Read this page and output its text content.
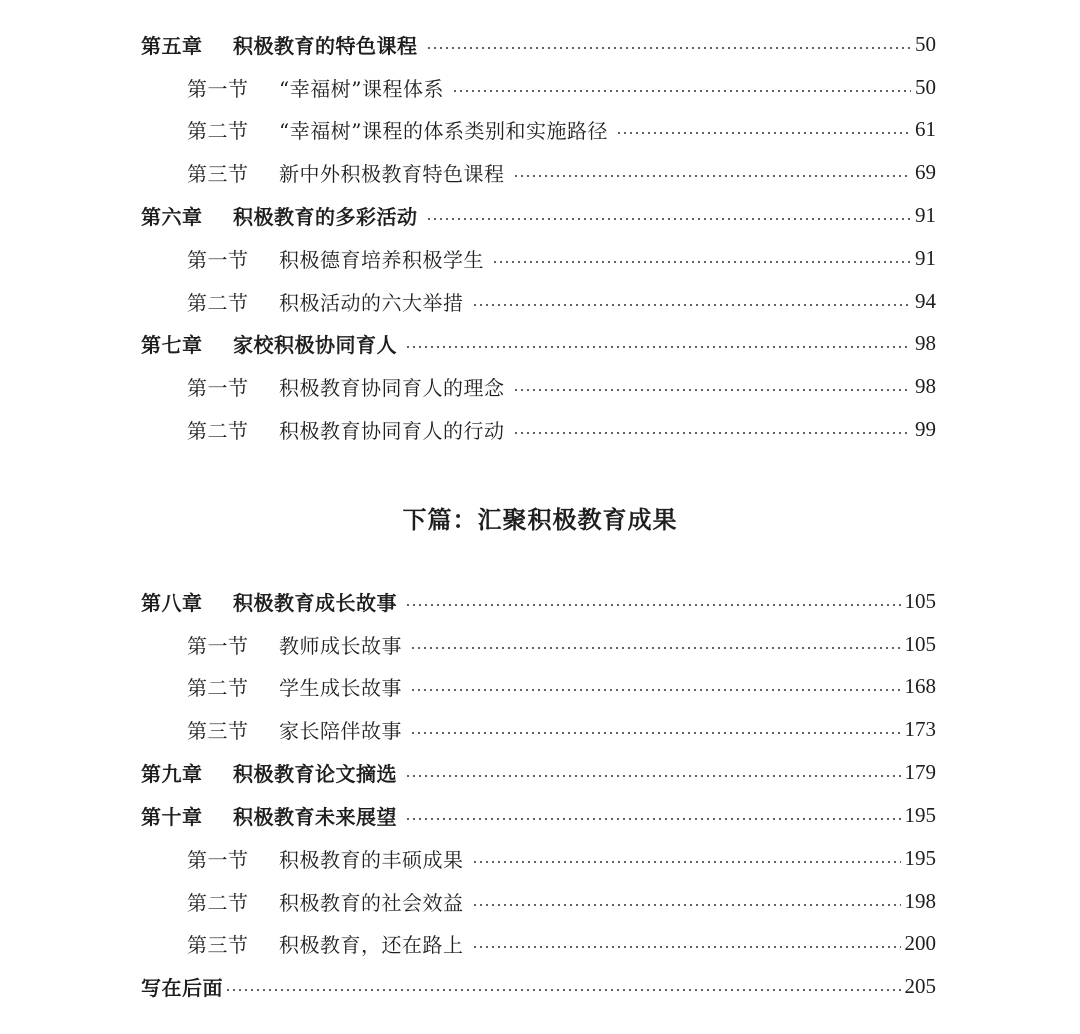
第五章	积极教育的特色课程	50
第一节	“幸福树”课程体系	50
第二节	“幸福树”课程的体系类别和实施路径	61
第三节	新中外积极教育特色课程	69
第六章	积极教育的多彩活动	91
第一节	积极德育培养积极学生	91
第二节	积极活动的六大举措	94
第七章	家校积极协同育人	98
第一节	积极教育协同育人的理念	98
第二节	积极教育协同育人的行动	99
下篇：汇聚积极教育成果
第八章	积极教育成长故事	105
第一节	教师成长故事	105
第二节	学生成长故事	168
第三节	家长陪伴故事	173
第九章	积极教育论文摘选	179
第十章	积极教育未来展望	195
第一节	积极教育的丰硕成果	195
第二节	积极教育的社会效益	198
第三节	积极教育，还在路上	200
写在后面	205
